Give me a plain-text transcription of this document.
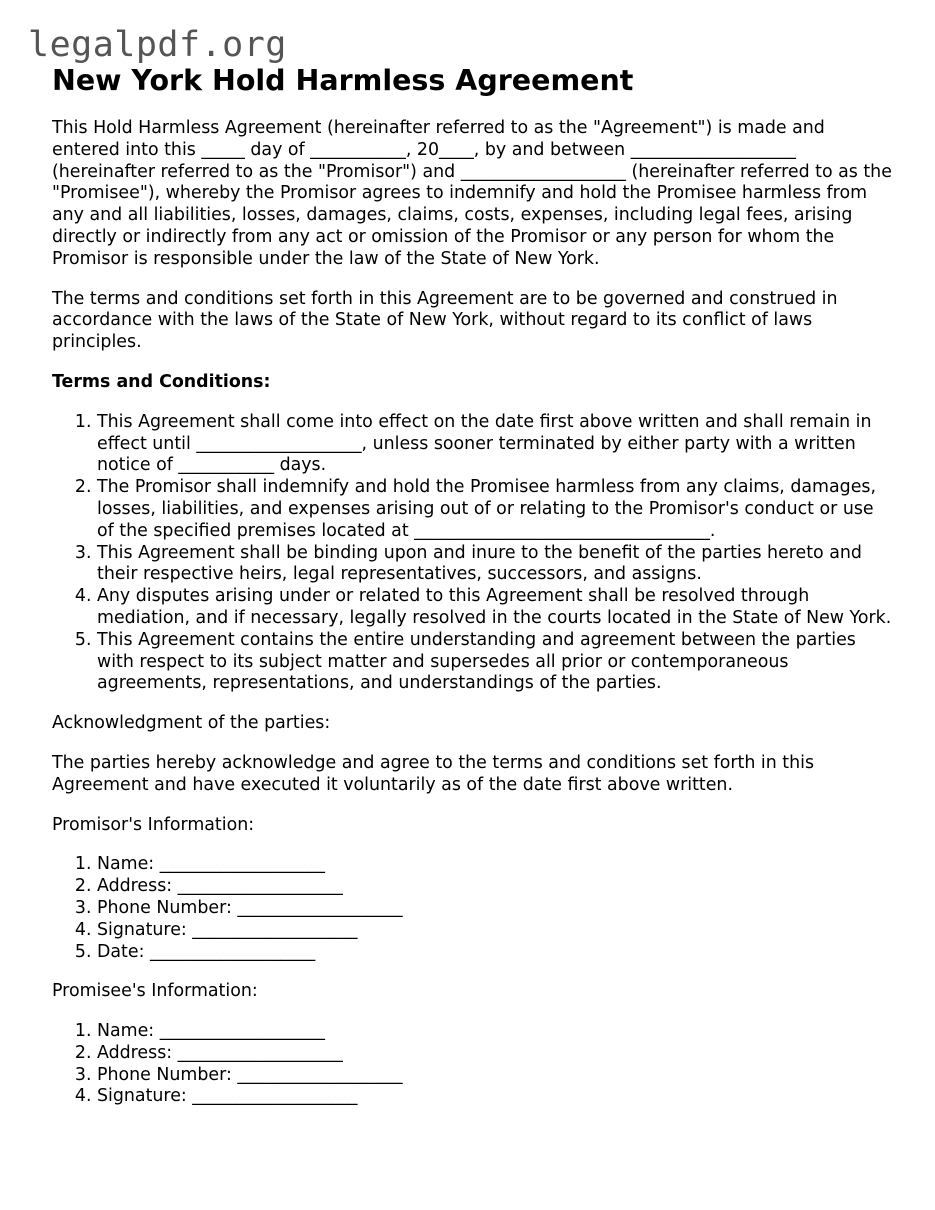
legalpdf.org
New York Hold Harmless Agreement

This Hold Harmless Agreement (hereinafter referred to as the "Agreement") is made and entered into this _____ day of ___________, 20____, by and between ___________________ (hereinafter referred to as the "Promisor") and ___________________ (hereinafter referred to as the "Promisee"), whereby the Promisor agrees to indemnify and hold the Promisee harmless from any and all liabilities, losses, damages, claims, costs, expenses, including legal fees, arising directly or indirectly from any act or omission of the Promisor or any person for whom the Promisor is responsible under the law of the State of New York.

The terms and conditions set forth in this Agreement are to be governed and construed in accordance with the laws of the State of New York, without regard to its conflict of laws principles.

Terms and Conditions:
1. This Agreement shall come into effect on the date first above written and shall remain in effect until ___________________, unless sooner terminated by either party with a written notice of ___________ days.
2. The Promisor shall indemnify and hold the Promisee harmless from any claims, damages, losses, liabilities, and expenses arising out of or relating to the Promisor's conduct or use of the specified premises located at __________________________________.
3. This Agreement shall be binding upon and inure to the benefit of the parties hereto and their respective heirs, legal representatives, successors, and assigns.
4. Any disputes arising under or related to this Agreement shall be resolved through mediation, and if necessary, legally resolved in the courts located in the State of New York.
5. This Agreement contains the entire understanding and agreement between the parties with respect to its subject matter and supersedes all prior or contemporaneous agreements, representations, and understandings of the parties.

Acknowledgment of the parties:

The parties hereby acknowledge and agree to the terms and conditions set forth in this Agreement and have executed it voluntarily as of the date first above written.

Promisor's Information:

1. Name: ___________________
2. Address: ___________________
3. Phone Number: ___________________
4. Signature: ___________________
5. Date: ___________________

Promisee's Information:

1. Name: ___________________
2. Address: ___________________
3. Phone Number: ___________________
4. Signature: ___________________
